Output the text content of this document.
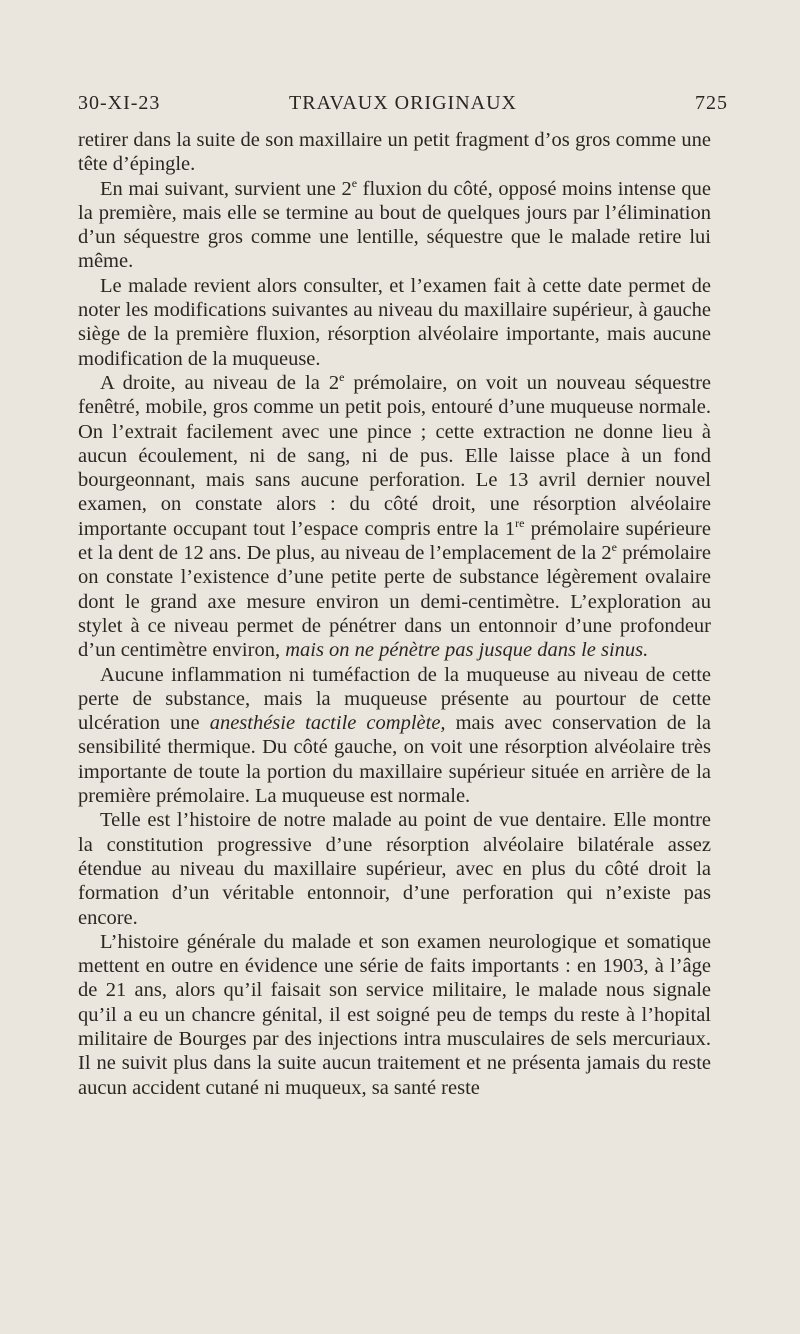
30-XI-23	TRAVAUX ORIGINAUX	725

retirer dans la suite de son maxillaire un petit fragment d’os gros comme une tête d’épingle.

En mai suivant, survient une 2e fluxion du côté, opposé moins intense que la première, mais elle se termine au bout de quelques jours par l’élimination d’un séquestre gros comme une lentille, séquestre que le malade retire lui même.

Le malade revient alors consulter, et l’examen fait à cette date permet de noter les modifications suivantes au niveau du maxillaire supérieur, à gauche siège de la première fluxion, résorption alvéolaire importante, mais aucune modification de la muqueuse.

A droite, au niveau de la 2e prémolaire, on voit un nouveau séquestre fenêtré, mobile, gros comme un petit pois, entouré d’une muqueuse normale. On l’extrait facilement avec une pince ; cette extraction ne donne lieu à aucun écoulement, ni de sang, ni de pus. Elle laisse place à un fond bourgeonnant, mais sans aucune perforation. Le 13 avril dernier nouvel examen, on constate alors : du côté droit, une résorption alvéolaire importante occupant tout l’espace compris entre la 1re prémolaire supérieure et la dent de 12 ans. De plus, au niveau de l’emplacement de la 2e prémolaire on constate l’existence d’une petite perte de substance légèrement ovalaire dont le grand axe mesure environ un demi-centimètre. L’exploration au stylet à ce niveau permet de pénétrer dans un entonnoir d’une profondeur d’un centimètre environ, mais on ne pénètre pas jusque dans le sinus.

Aucune inflammation ni tuméfaction de la muqueuse au niveau de cette perte de substance, mais la muqueuse présente au pourtour de cette ulcération une anesthésie tactile complète, mais avec conservation de la sensibilité thermique. Du côté gauche, on voit une résorption alvéolaire très importante de toute la portion du maxillaire supérieur située en arrière de la première prémolaire. La muqueuse est normale.

Telle est l’histoire de notre malade au point de vue dentaire. Elle montre la constitution progressive d’une résorption alvéolaire bilatérale assez étendue au niveau du maxillaire supérieur, avec en plus du côté droit la formation d’un véritable entonnoir, d’une perforation qui n’existe pas encore.

L’histoire générale du malade et son examen neurologique et somatique mettent en outre en évidence une série de faits importants : en 1903, à l’âge de 21 ans, alors qu’il faisait son service militaire, le malade nous signale qu’il a eu un chancre génital, il est soigné peu de temps du reste à l’hopital militaire de Bourges par des injections intra musculaires de sels mercuriaux. Il ne suivit plus dans la suite aucun traitement et ne présenta jamais du reste aucun accident cutané ni muqueux, sa santé reste
